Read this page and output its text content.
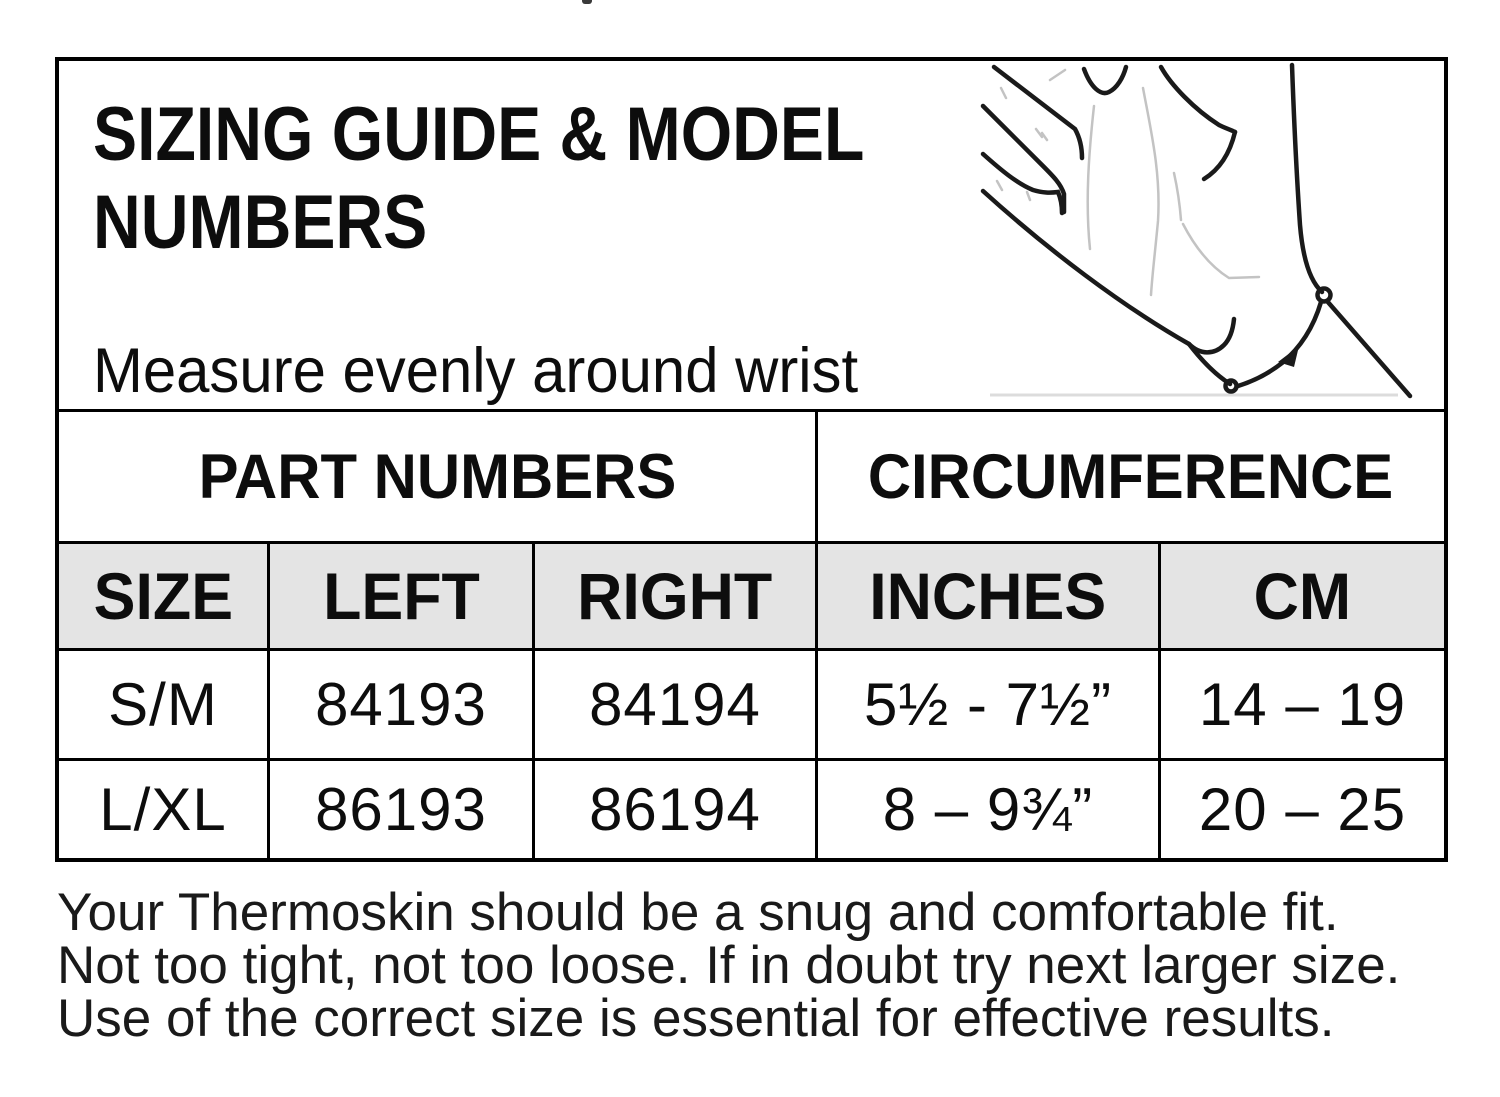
SIZING GUIDE & MODEL NUMBERS
Measure evenly around wrist
PART NUMBERS	CIRCUMFERENCE
SIZE LEFT RIGHT INCHES CM
S/M 84193 84194 5½ - 7½” 14 – 19
L/XL 86193 86194 8 – 9¾” 20 – 25
Your Thermoskin should be a snug and comfortable fit.
Not too tight, not too loose. If in doubt try next larger size.
Use of the correct size is essential for effective results.
